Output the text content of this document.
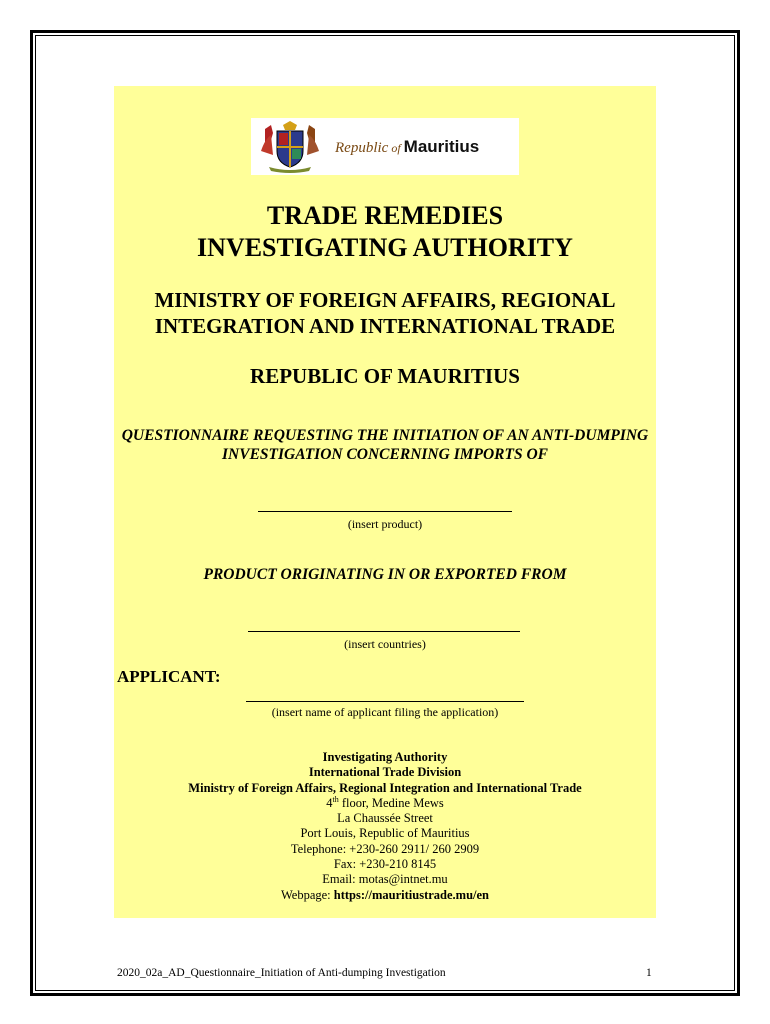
Republic of Mauritius
TRADE REMEDIES INVESTIGATING AUTHORITY
MINISTRY OF FOREIGN AFFAIRS, REGIONAL INTEGRATION AND INTERNATIONAL TRADE
REPUBLIC OF MAURITIUS
QUESTIONNAIRE REQUESTING THE INITIATION OF AN ANTI-DUMPING INVESTIGATION CONCERNING IMPORTS OF
(insert product)
PRODUCT ORIGINATING IN OR EXPORTED FROM
(insert countries)
APPLICANT:
(insert name of applicant filing the application)
Investigating Authority
International Trade Division
Ministry of Foreign Affairs, Regional Integration and International Trade
4th floor, Medine Mews
La Chaussée Street
Port Louis, Republic of Mauritius
Telephone: +230-260 2911/ 260 2909
Fax: +230-210 8145
Email: motas@intnet.mu
Webpage: https://mauritiustrade.mu/en
2020_02a_AD_Questionnaire_Initiation of Anti-dumping Investigation	1
